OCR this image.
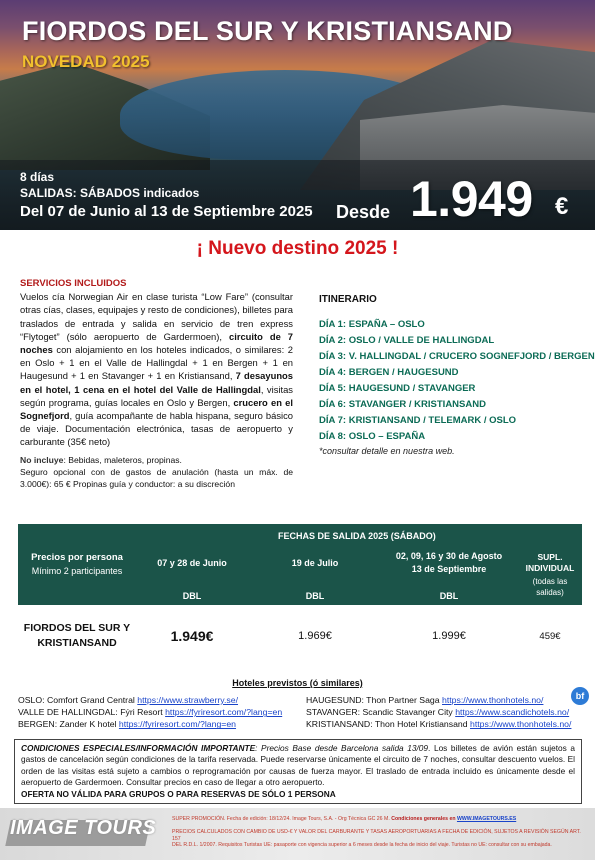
FIORDOS DEL SUR Y KRISTIANSAND
NOVEDAD 2025
8 días
SALIDAS: SÁBADOS indicados
Del 07 de Junio al 13 de Septiembre 2025 Desde 1.949 €
¡ Nuevo destino 2025 !
SERVICIOS INCLUIDOS
Vuelos cía Norwegian Air en clase turista “Low Fare” (consultar otras cías, clases, equipajes y resto de condiciones), billetes para traslados de entrada y salida en servicio de tren express “Flytoget” (sólo aeropuerto de Gardermoen), circuito de 7 noches con alojamiento en los hoteles indicados, o similares: 2 en Oslo + 1 en el Valle de Hallingdal + 1 en Bergen + 1 en Haugesund + 1 en Stavanger + 1 en Kristiansand, 7 desayunos en el hotel, 1 cena en el hotel del Valle de Hallingdal, visitas según programa, guías locales en Oslo y Bergen, crucero en el Sognefjord, guía acompañante de habla hispana, seguro básico de viaje. Documentación electrónica, tasas de aeropuerto y carburante (35€ neto)
No incluye: Bebidas, maleteros, propinas.
Seguro opcional con de gastos de anulación (hasta un máx. de 3.000€): 65 € Propinas guía y conductor: a su discreción
ITINERARIO
DÍA 1: ESPAÑA – OSLO
DÍA 2: OSLO / VALLE DE HALLINGDAL
DÍA 3: V. HALLINGDAL / CRUCERO SOGNEFJORD / BERGEN
DÍA 4: BERGEN / HAUGESUND
DÍA 5: HAUGESUND / STAVANGER
DÍA 6: STAVANGER / KRISTIANSAND
DÍA 7: KRISTIANSAND / TELEMARK / OSLO
DÍA 8: OSLO – ESPAÑA
*consultar detalle en nuestra web.
FECHAS DE SALIDA 2025 (SÁBADO)
Precios por persona
Mínimo 2 participantes
07 y 28 de Junio	19 de Julio
02, 09, 16 y 30 de Agosto
13 de Septiembre
SUPL. INDIVIDUAL
(todas las salidas)
DBL	DBL	DBL
FIORDOS DEL SUR Y KRISTIANSAND	1.949€	1.969€	1.999€	459€
Hoteles previstos (ó similares)
bf
OSLO: Comfort Grand Central https://www.strawberry.se/
VALLE DE HALLINGDAL: Fýri Resort https://fyriresort.com/?lang=en
BERGEN: Zander K hotel https://fyriresort.com/?lang=en
HAUGESUND: Thon Partner Saga https://www.thonhotels.no/
STAVANGER: Scandic Stavanger City https://www.scandichotels.no/
KRISTIANSAND: Thon Hotel Kristiansand https://www.thonhotels.no/
CONDICIONES ESPECIALES/INFORMACIÓN IMPORTANTE: Precios Base desde Barcelona salida 13/09. Los billetes de avión están sujetos a gastos de cancelación según condiciones de la tarifa reservada. Puede reservarse únicamente el circuito de 7 noches, consultar descuento vuelos. El orden de las visitas está sujeto a cambios o reprogramación por causas de fuerza mayor. El traslado de entrada incluido es únicamente desde el aeropuerto de Gardermoen. Consultar precios en caso de llegar a otro aeropuerto.
OFERTA NO VÁLIDA PARA GRUPOS O PARA RESERVAS DE SÓLO 1 PERSONA
IMAGE TOURS	SUPER PROMOCIÓN. Fecha de edición: 18/12/24. Image Tours, S.A. - Org Técnica GC 26 M. Condiciones generales en WWW.IMAGETOURS.ES
PRECIOS CALCULADOS CON CAMBIO DE USD-€ Y VALOR DEL CARBURANTE Y TASAS AEROPORTUARIAS A FECHA DE EDICIÓN, SUJETOS A REVISIÓN SEGÚN ART. 157
DEL R.D.L. 1/2007. Requisitos Turistas UE: pasaporte con vigencia superior a 6 meses desde la fecha de inicio del viaje. Turistas no UE: consultar con su embajada.
